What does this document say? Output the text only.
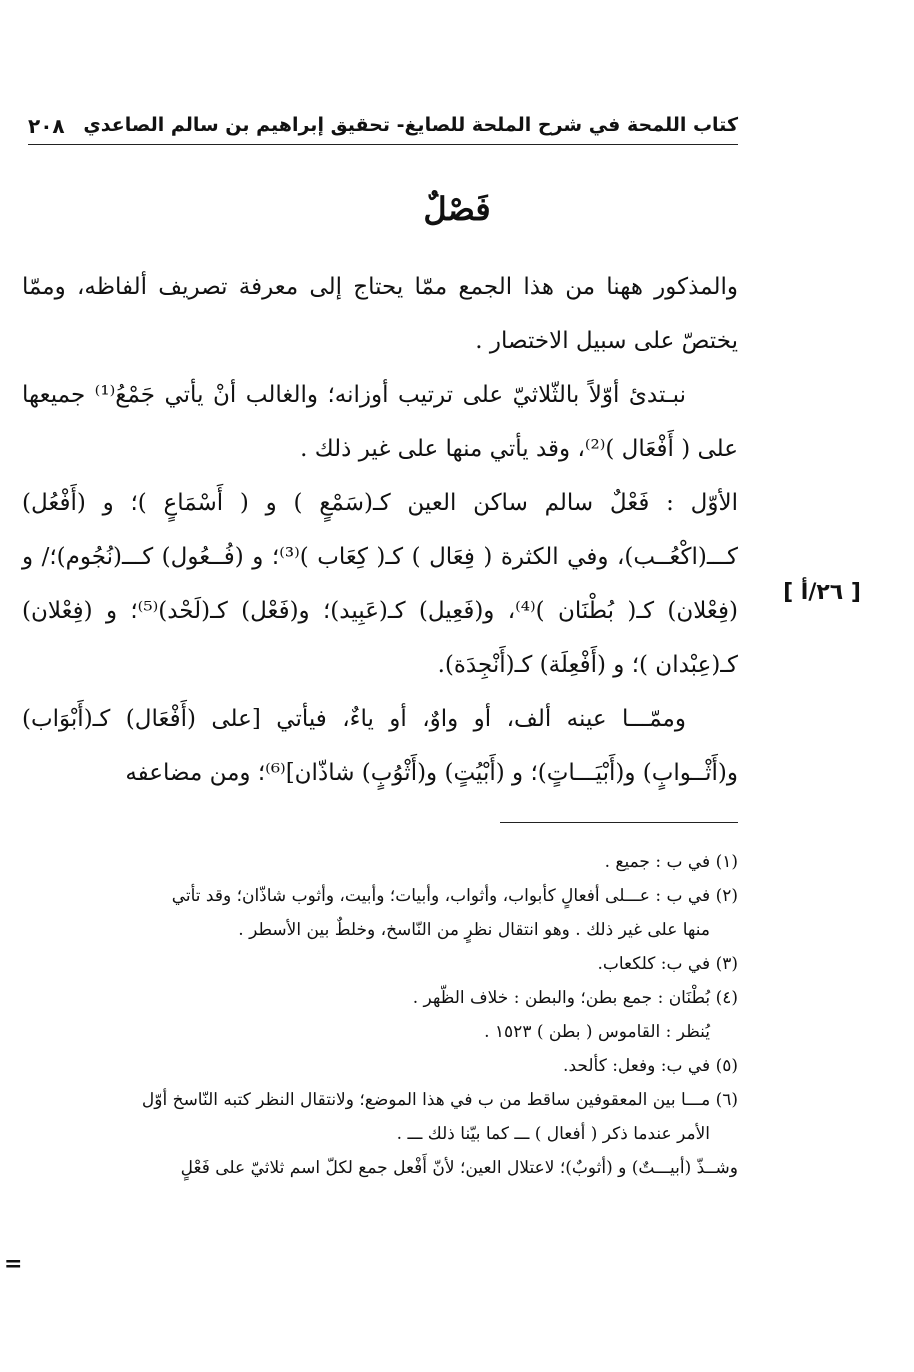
كتاب اللمحة في شرح الملحة للصايغ- تحقيق إبراهيم بن سالم الصاعدي
٢٠٨
فَصْلٌ

والمذكور ههنا من هذا الجمع ممّا يحتاج إلى معرفة تصريف ألفاظه، وممّا يختصّ على سبيل الاختصار .

نبـتدئ أوّلاً بالثّلاثيّ على ترتيب أوزانه؛ والغالب أنْ يأتي جَمْعُ⁽¹⁾ جميعها على ( أَفْعَال )⁽²⁾، وقد يأتي منها على غير ذلك .

الأوّل : فَعْلٌ سالم ساكن العين كـ(سَمْعٍ ) و ( أَسْمَاعٍ )؛ و (أَفْعُل) كـــ(اكْعُــب)، وفي الكثرة ( فِعَال ) كـ( كِعَاب )⁽³⁾؛ و (فُــعُول) كـــ(نُجُوم)؛/ و (فِعْلان) كـ( بُطْنَان )⁽⁴⁾، و(فَعِيل) كـ(عَبِيد)؛ و(فَعْل) كـ(لَحْد)⁽⁵⁾؛ و (فِعْلان) كـ(عِبْدان )؛ و (أَفْعِلَة) كـ(أَنْجِدَة).

وممّـــا عينه ألف، أو واوٌ، أو ياءٌ، فيأتي [على (أَفْعَال) كـ(أَبْوَاب) و(أَثْــوابٍ) و(أَبْيَـــاتٍ)؛ و (أَبْيُتٍ) و(أَثْوُبٍ) شاذّان]⁽⁶⁾؛ ومن مضاعفه

[ ٢٦/أ ]

(١) في ب : جميع .

(٢) في ب : عـــلى أفعالٍ كأبواب، وأثواب، وأبيات؛ وأبيت، وأثوب شاذّان؛ وقد تأتي

منها على غير ذلك . وهو انتقال نظرٍ من النّاسخ، وخلطٌ بين الأسطر .

(٣) في ب: كلكعاب.

(٤) بُطْنَان : جمع بطن؛ والبطن : خلاف الظّهر .

يُنظر : القاموس ( بطن ) ١٥٢٣ .

(٥) في ب: وفعل: كألحد.

(٦) مـــا بين المعقوفين ساقط من ب في هذا الموضع؛ ولانتقال النظر كتبه النّاسخ أوّل

الأمر عندما ذكر ( أفعال ) ـــ كما بيّنا ذلك ـــ .

وشــذّ (أبيـــتٌ) و (أثوبٌ)؛ لاعتلال العين؛ لأنّ أَفْعل جمع لكلّ اسم ثلاثيّ على فَعْلٍ

=
